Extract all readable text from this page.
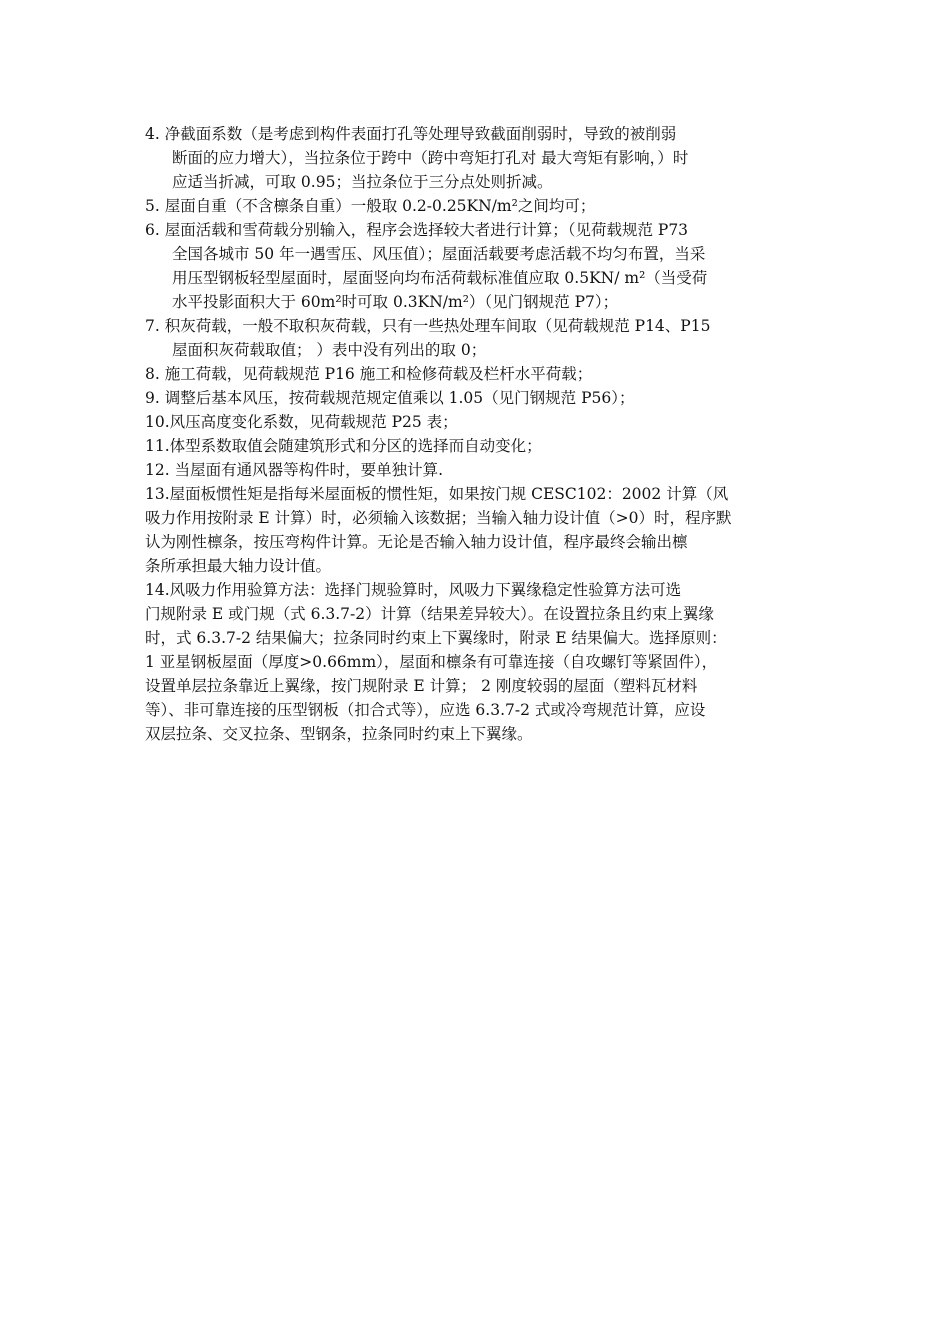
4. 净截面系数（是考虑到构件表面打孔等处理导致截面削弱时，导致的被削弱
断面的应力增大），当拉条位于跨中（跨中弯矩打孔对 最大弯矩有影响，）时
应适当折减，可取 0.95；当拉条位于三分点处则折减。

5. 屋面自重（不含檩条自重）一般取 0.2-0.25KN/m²之间均可；

6. 屋面活载和雪荷载分别输入，程序会选择较大者进行计算；（见荷载规范 P73
全国各城市 50 年一遇雪压、风压值）；屋面活载要考虑活载不均匀布置，当采
用压型钢板轻型屋面时，屋面竖向均布活荷载标准值应取 0.5KN/ m²（当受荷
水平投影面积大于 60m²时可取 0.3KN/m²）（见门钢规范 P7）；

7. 积灰荷载，一般不取积灰荷载，只有一些热处理车间取（见荷载规范 P14、P15
屋面积灰荷载取值； ）表中没有列出的取 0；

8. 施工荷载，见荷载规范 P16 施工和检修荷载及栏杆水平荷载；

9. 调整后基本风压，按荷载规范规定值乘以 1.05（见门钢规范 P56）；

10.风压高度变化系数，见荷载规范 P25 表；

11.体型系数取值会随建筑形式和分区的选择而自动变化；

12. 当屋面有通风器等构件时，要单独计算.

13.屋面板惯性矩是指每米屋面板的惯性矩，如果按门规 CESC102：2002 计算（风
吸力作用按附录 E 计算）时，必须输入该数据；当输入轴力设计值（>0）时，程序默
认为刚性檩条，按压弯构件计算。无论是否输入轴力设计值，程序最终会输出檩
条所承担最大轴力设计值。

14.风吸力作用验算方法：选择门规验算时，风吸力下翼缘稳定性验算方法可选
门规附录 E 或门规（式 6.3.7-2）计算（结果差异较大）。在设置拉条且约束上翼缘
时，式 6.3.7-2 结果偏大；拉条同时约束上下翼缘时，附录 E 结果偏大。选择原则：
1 亚星钢板屋面（厚度>0.66mm），屋面和檩条有可靠连接（自攻螺钉等紧固件），
设置单层拉条靠近上翼缘，按门规附录 E 计算； 2 刚度较弱的屋面（塑料瓦材料
等）、非可靠连接的压型钢板（扣合式等），应选 6.3.7-2 式或冷弯规范计算，应设
双层拉条、交叉拉条、型钢条，拉条同时约束上下翼缘。
